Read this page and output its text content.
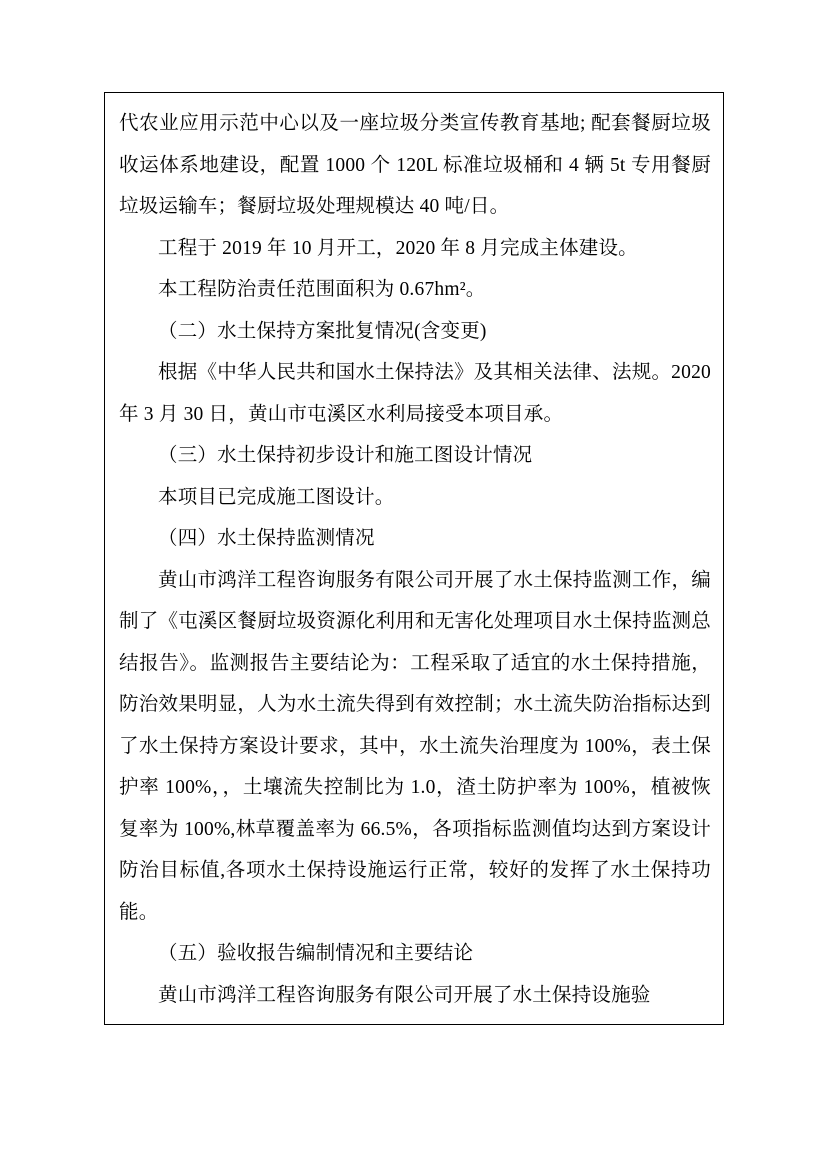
代农业应用示范中心以及一座垃圾分类宣传教育基地; 配套餐厨垃圾收运体系地建设，配置 1000 个 120L 标准垃圾桶和 4 辆 5t 专用餐厨垃圾运输车；餐厨垃圾处理规模达 40 吨/日。

工程于 2019 年 10 月开工，2020 年 8 月完成主体建设。

本工程防治责任范围面积为 0.67hm²。

（二）水土保持方案批复情况(含变更)

根据《中华人民共和国水土保持法》及其相关法律、法规。2020 年 3 月 30 日，黄山市屯溪区水利局接受本项目承。

（三）水土保持初步设计和施工图设计情况

本项目已完成施工图设计。

（四）水土保持监测情况

黄山市鸿洋工程咨询服务有限公司开展了水土保持监测工作，编制了《屯溪区餐厨垃圾资源化利用和无害化处理项目水土保持监测总结报告》。监测报告主要结论为：工程采取了适宜的水土保持措施，防治效果明显，人为水土流失得到有效控制；水土流失防治指标达到了水土保持方案设计要求，其中，水土流失治理度为 100%，表土保护率 100%，，土壤流失控制比为 1.0，渣土防护率为 100%，植被恢复率为 100%,林草覆盖率为 66.5%，各项指标监测值均达到方案设计防治目标值,各项水土保持设施运行正常，较好的发挥了水土保持功能。

（五）验收报告编制情况和主要结论

黄山市鸿洋工程咨询服务有限公司开展了水土保持设施验
